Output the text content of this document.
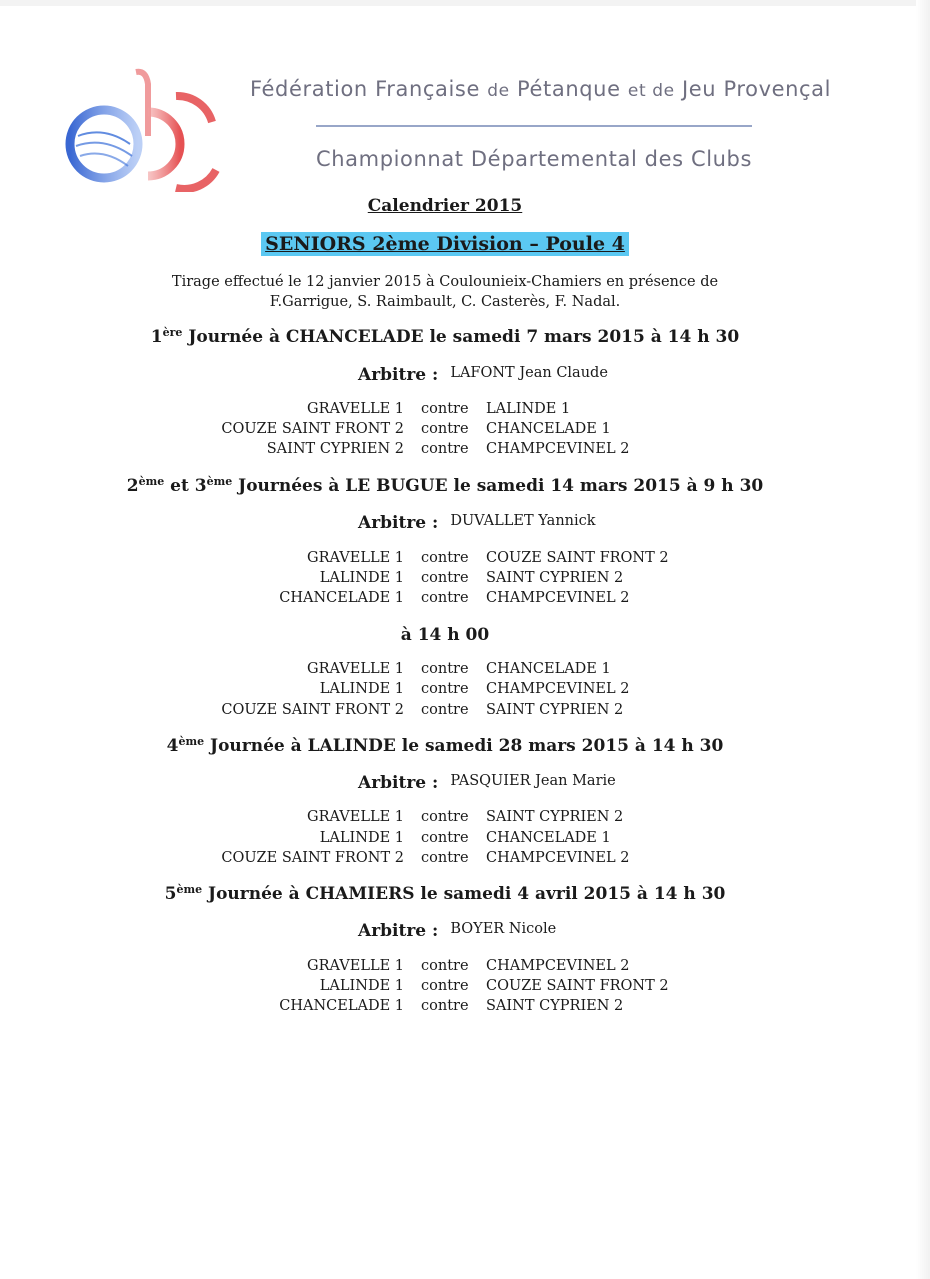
Fédération Française de Pétanque et de Jeu Provençal
Championnat Départemental des Clubs
Calendrier 2015
SENIORS 2ème Division – Poule 4
Tirage effectué le 12 janvier 2015 à Coulounieix-Chamiers en présence de
F.Garrigue, S. Raimbault, C. Casterès, F. Nadal.
1ère Journée à CHANCELADE le samedi 7 mars 2015 à 14 h 30
Arbitre : LAFONT Jean Claude
GRAVELLE 1 contre LALINDE 1
COUZE SAINT FRONT 2 contre CHANCELADE 1
SAINT CYPRIEN 2 contre CHAMPCEVINEL 2
2ème et 3ème Journées à LE BUGUE le samedi 14 mars 2015 à 9 h 30
Arbitre : DUVALLET Yannick
GRAVELLE 1 contre COUZE SAINT FRONT 2
LALINDE 1 contre SAINT CYPRIEN 2
CHANCELADE 1 contre CHAMPCEVINEL 2
à 14 h 00
GRAVELLE 1 contre CHANCELADE 1
LALINDE 1 contre CHAMPCEVINEL 2
COUZE SAINT FRONT 2 contre SAINT CYPRIEN 2
4ème Journée à LALINDE le samedi 28 mars 2015 à 14 h 30
Arbitre : PASQUIER Jean Marie
GRAVELLE 1 contre SAINT CYPRIEN 2
LALINDE 1 contre CHANCELADE 1
COUZE SAINT FRONT 2 contre CHAMPCEVINEL 2
5ème Journée à CHAMIERS le samedi 4 avril 2015 à 14 h 30
Arbitre : BOYER Nicole
GRAVELLE 1 contre CHAMPCEVINEL 2
LALINDE 1 contre COUZE SAINT FRONT 2
CHANCELADE 1 contre SAINT CYPRIEN 2
